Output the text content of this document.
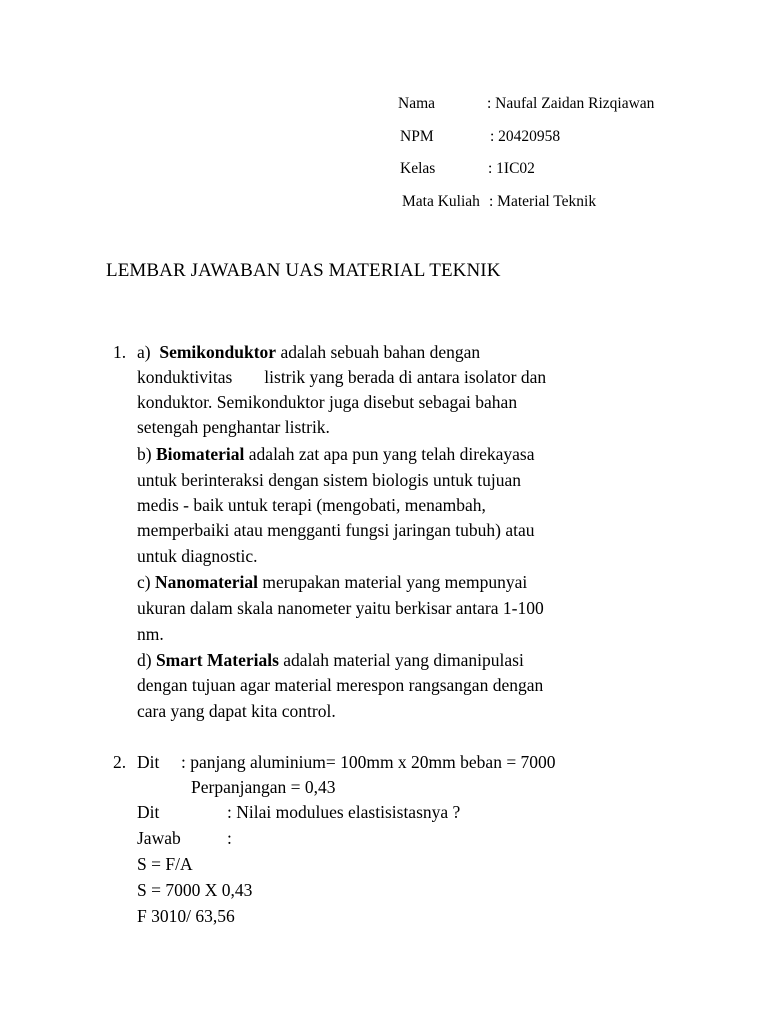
Nama	: Naufal Zaidan Rizqiawan
NPM	: 20420958
Kelas	: 1IC02
Mata Kuliah : Material Teknik
LEMBAR JAWABAN UAS MATERIAL TEKNIK
1. a) Semikonduktor adalah sebuah bahan dengan
konduktivitas listrik yang berada di antara isolator dan
konduktor. Semikonduktor juga disebut sebagai bahan
setengah penghantar listrik.
b) Biomaterial adalah zat apa pun yang telah direkayasa
untuk berinteraksi dengan sistem biologis untuk tujuan
medis - baik untuk terapi (mengobati, menambah,
memperbaiki atau mengganti fungsi jaringan tubuh) atau
untuk diagnostic.
c) Nanomaterial merupakan material yang mempunyai
ukuran dalam skala nanometer yaitu berkisar antara 1-100
nm.
d) Smart Materials adalah material yang dimanipulasi
dengan tujuan agar material merespon rangsangan dengan
cara yang dapat kita control.
2. Dit : panjang aluminium= 100mm x 20mm beban = 7000
Perpanjangan = 0,43
Dit	: Nilai modulues elastisistasnya ?
Jawab	:
S = F/A
S = 7000 X 0,43
F 3010/ 63,56
